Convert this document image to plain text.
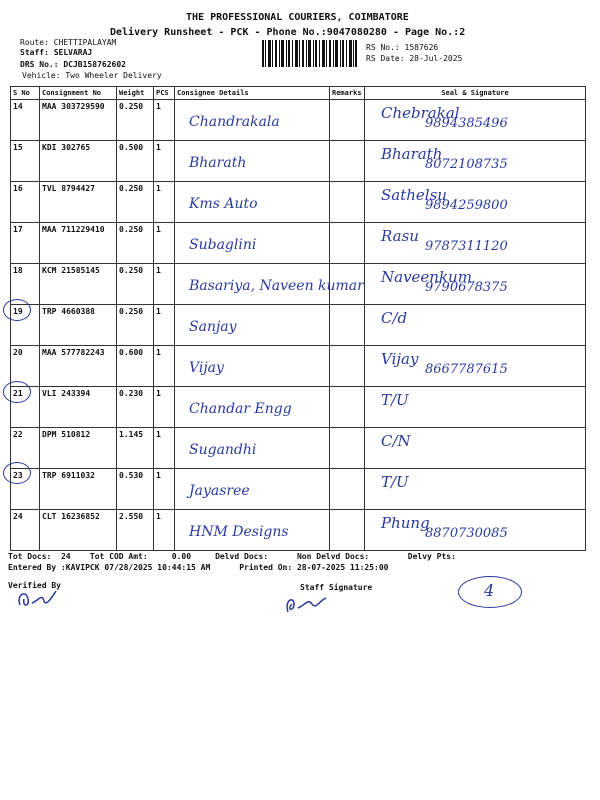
THE PROFESSIONAL COURIERS, COIMBATORE
Delivery Runsheet - PCK - Phone No.:9047080280 - Page No.:2
Route: CHETTIPALAYAM
Staff: SELVARAJ
DRS No.: DCJB158762602
Vehicle: Two Wheeler Delivery
RS No.: 1587626
RS Date: 28-Jul-2025
S No	Consignment No	Weight	PCS	Consignee Details	Remarks	Seal & Signature
14	MAA 303729590	0.250	1	Chandrakala		Chebrakal
9894385496

15	KDI 302765	0.500	1	Bharath		Bharath
8072108735

16	TVL 8794427	0.250	1	Kms Auto		Sathelsu
9894259800

17	MAA 711229410	0.250	1	Subaglini		Rasu
9787311120

18	KCM 21585145	0.250	1	Basariya, Naveen kumar		Naveenkum
9790678375

19	TRP 4660388	0.250	1	Sanjay		C/d

20	MAA 577782243	0.600	1	Vijay		Vijay
8667787615

21	VLI 243394	0.230	1	Chandar Engg		T/U

22	DPM 510812	1.145	1	Sugandhi		C/N

23	TRP 6911032	0.530	1	Jayasree		T/U

24	CLT 16236852	2.550	1	HNM Designs		Phung
8870730085
Tot Docs:  24    Tot COD Amt:     0.00     Delvd Docs:      Non Delvd Docs:        Delvy Pts:
Entered By :KAVIPCK 07/28/2025 10:44:15 AM      Printed On: 28-07-2025 11:25:00
Verified By	Staff Signature	4
